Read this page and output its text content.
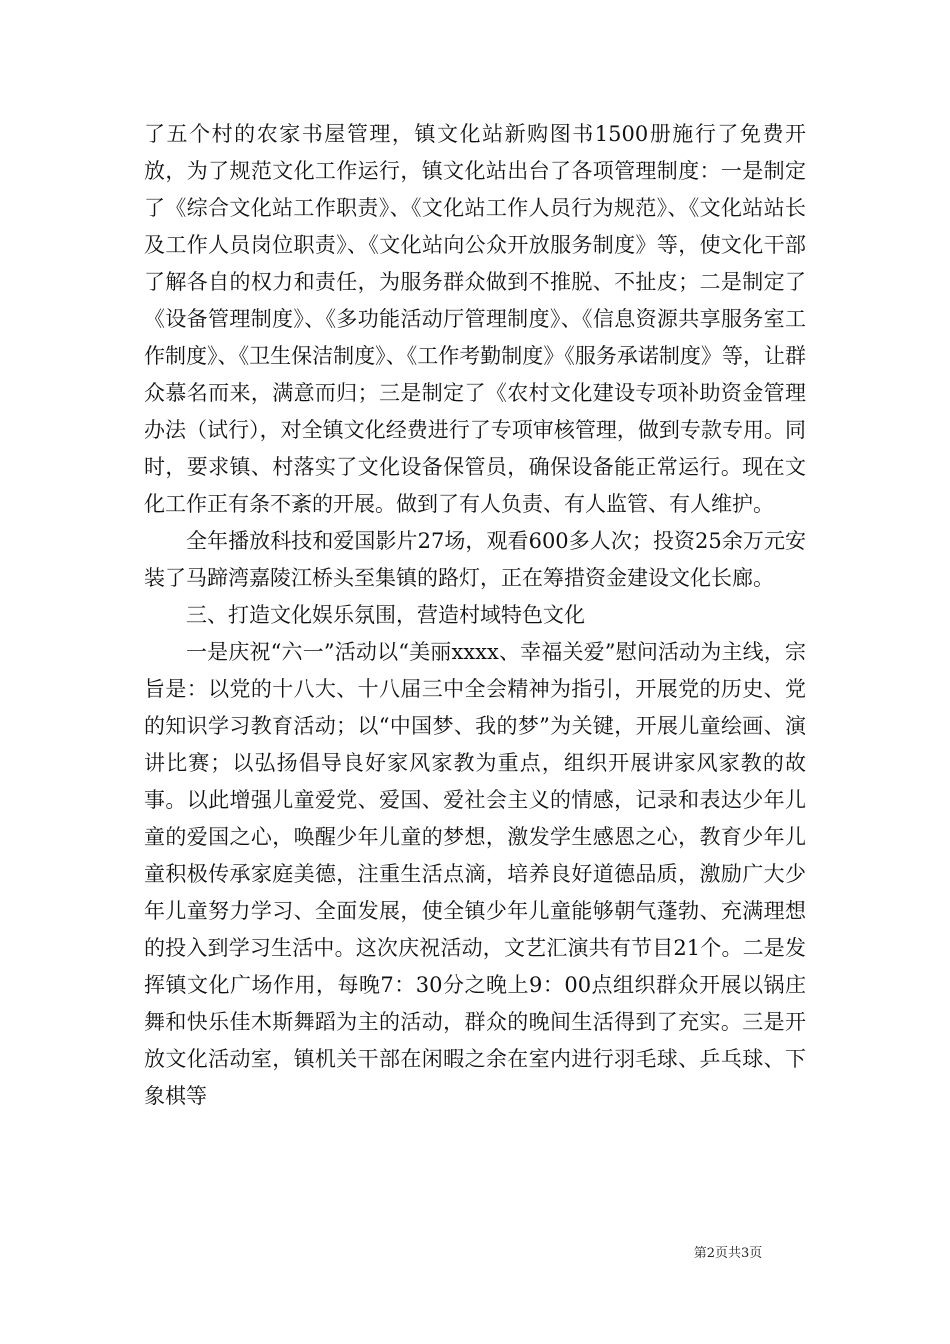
了五个村的农家书屋管理，镇文化站新购图书1500册施行了免费开放，为了规范文化工作运行，镇文化站出台了各项管理制度：一是制定了《综合文化站工作职责》、《文化站工作人员行为规范》、《文化站站长及工作人员岗位职责》、《文化站向公众开放服务制度》等，使文化干部了解各自的权力和责任，为服务群众做到不推脱、不扯皮；二是制定了《设备管理制度》、《多功能活动厅管理制度》、《信息资源共享服务室工作制度》、《卫生保洁制度》、《工作考勤制度》《服务承诺制度》等，让群众慕名而来，满意而归；三是制定了《农村文化建设专项补助资金管理办法（试行），对全镇文化经费进行了专项审核管理，做到专款专用。同时，要求镇、村落实了文化设备保管员，确保设备能正常运行。现在文化工作正有条不紊的开展。做到了有人负责、有人监管、有人维护。

全年播放科技和爱国影片27场，观看600多人次；投资25余万元安装了马蹄湾嘉陵江桥头至集镇的路灯，正在筹措资金建设文化长廊。

三、打造文化娱乐氛围，营造村域特色文化

一是庆祝“六一”活动以“美丽xxxx、幸福关爱”慰问活动为主线，宗旨是：以党的十八大、十八届三中全会精神为指引，开展党的历史、党的知识学习教育活动；以“中国梦、我的梦”为关键，开展儿童绘画、演讲比赛；以弘扬倡导良好家风家教为重点，组织开展讲家风家教的故事。以此增强儿童爱党、爱国、爱社会主义的情感，记录和表达少年儿童的爱国之心，唤醒少年儿童的梦想，激发学生感恩之心，教育少年儿童积极传承家庭美德，注重生活点滴，培养良好道德品质，激励广大少年儿童努力学习、全面发展，使全镇少年儿童能够朝气蓬勃、充满理想的投入到学习生活中。这次庆祝活动，文艺汇演共有节目21个。二是发挥镇文化广场作用，每晚7：30分之晚上9：00点组织群众开展以锅庄舞和快乐佳木斯舞蹈为主的活动，群众的晚间生活得到了充实。三是开放文化活动室，镇机关干部在闲暇之余在室内进行羽毛球、乒乓球、下象棋等

第2页共3页
